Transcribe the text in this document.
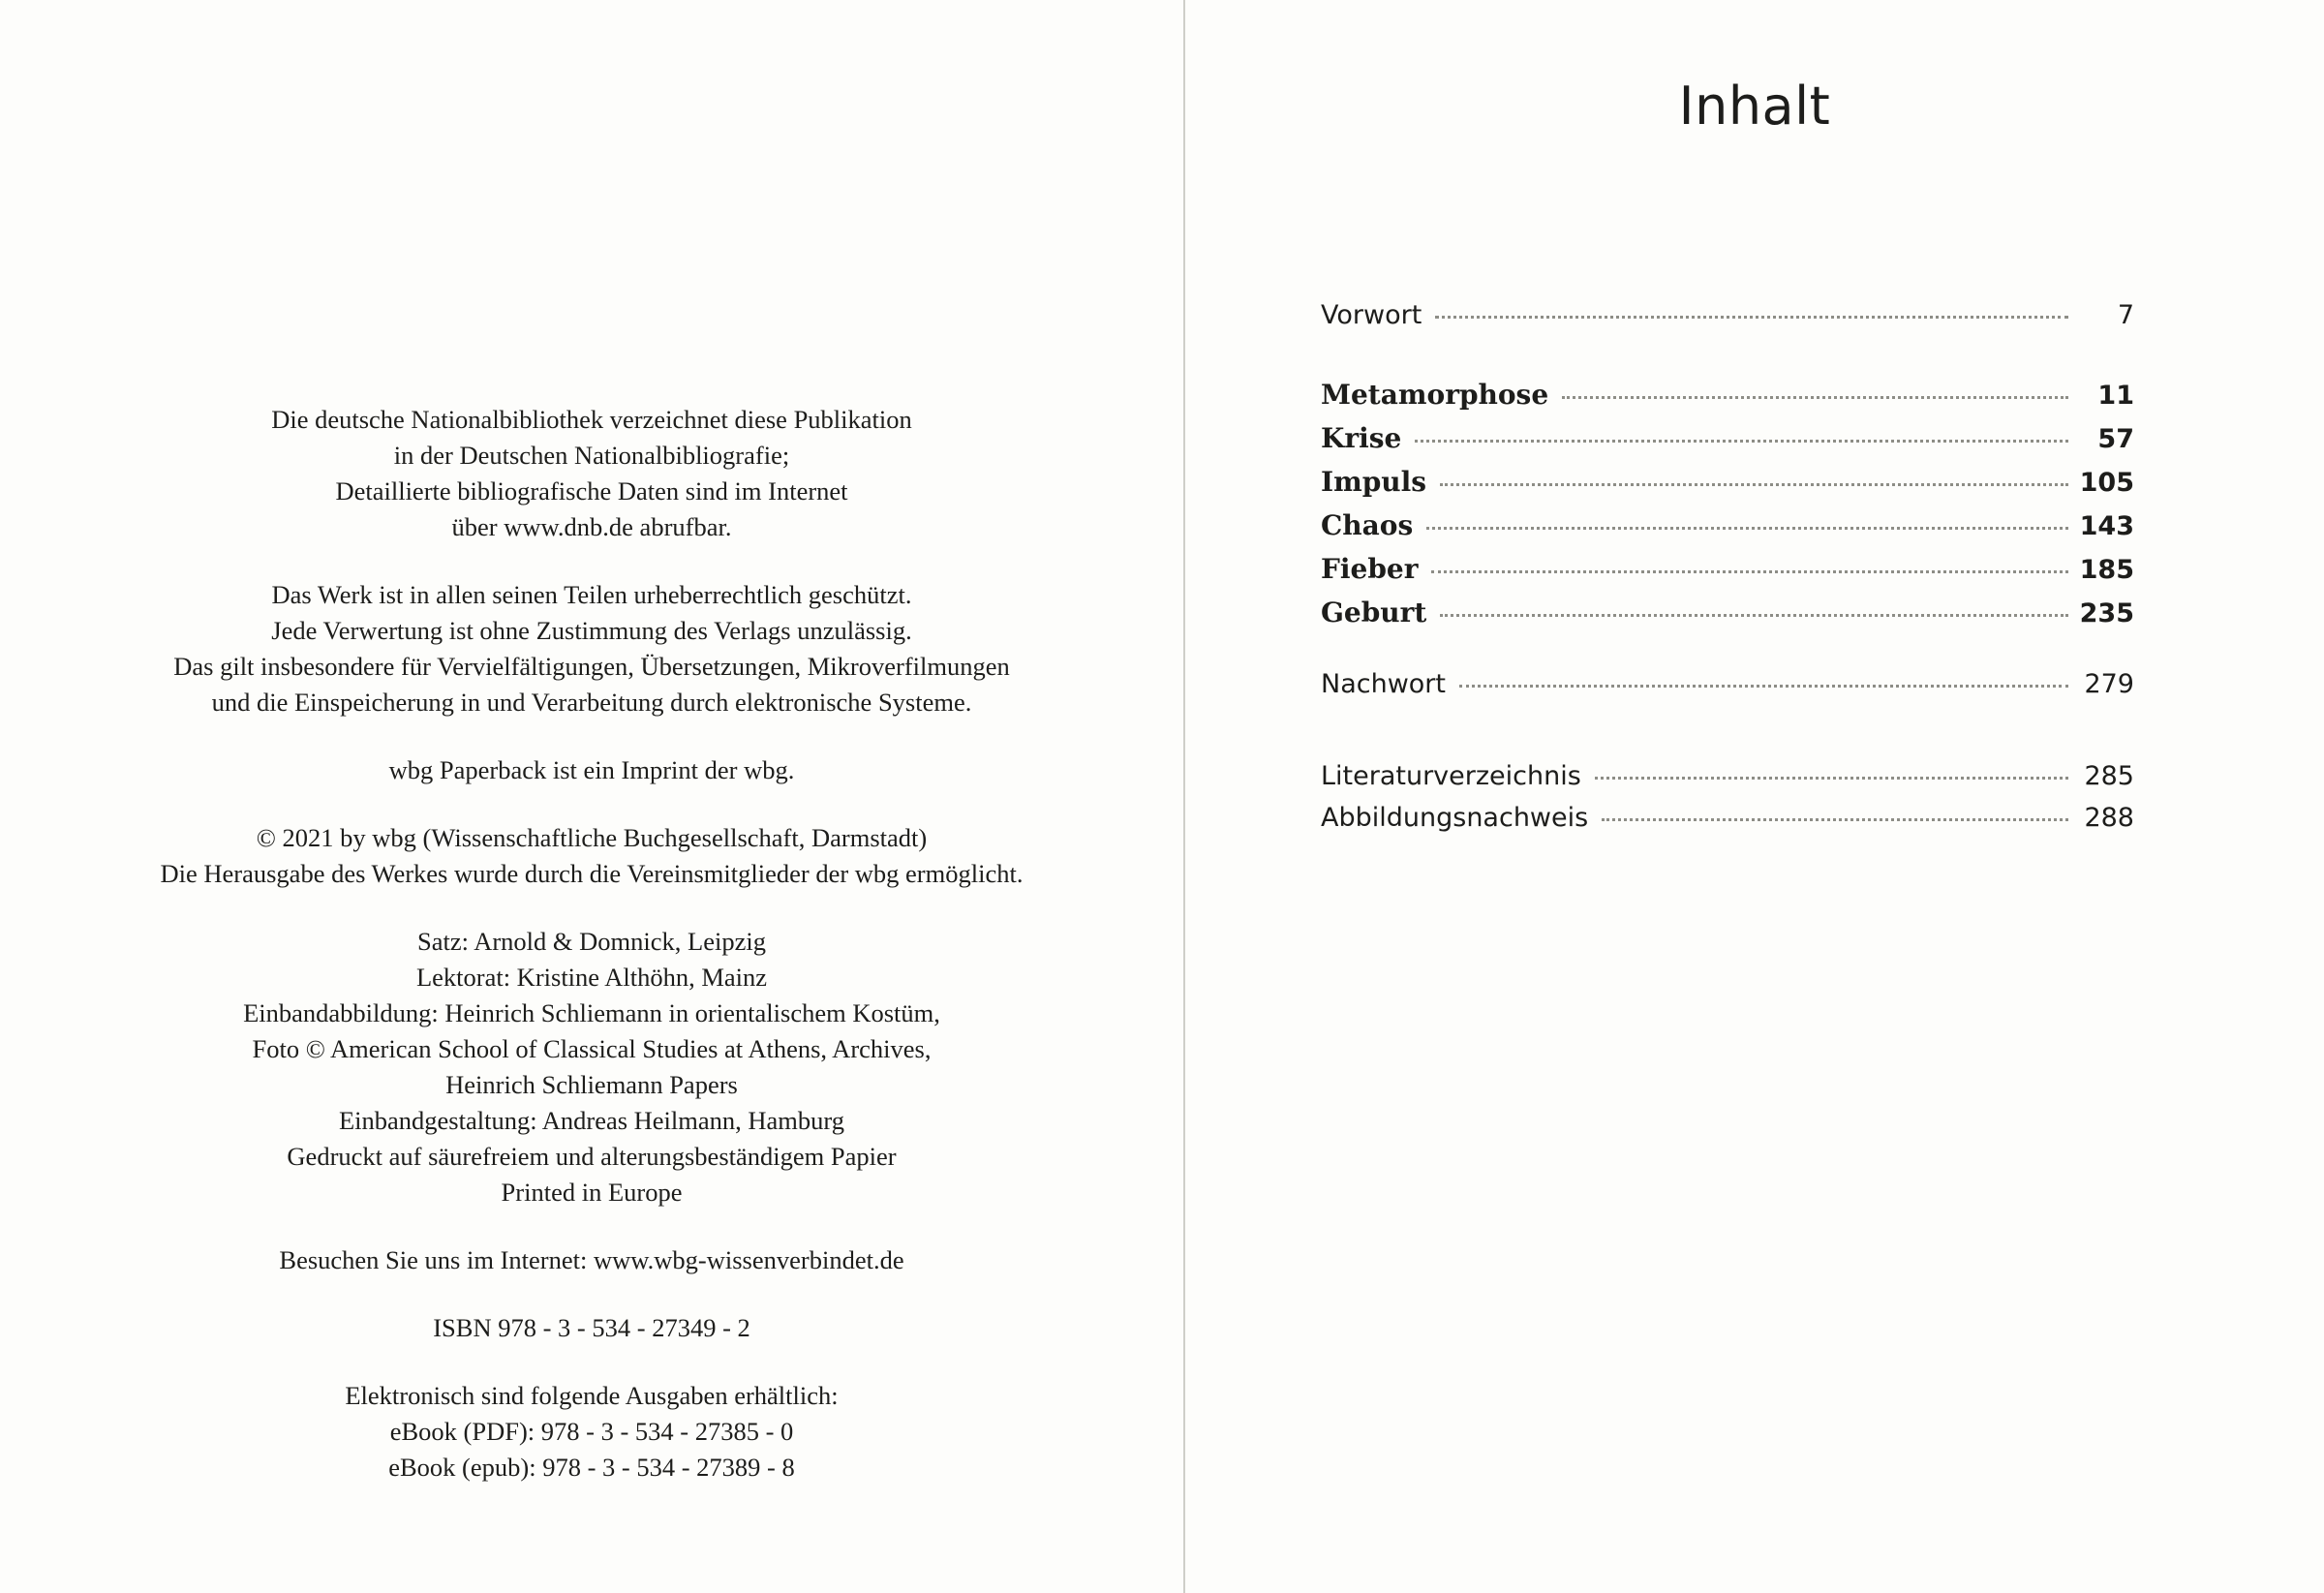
Die deutsche Nationalbibliothek verzeichnet diese Publikation
in der Deutschen Nationalbibliografie;
Detaillierte bibliografische Daten sind im Internet
über www.dnb.de abrufbar.
Das Werk ist in allen seinen Teilen urheberrechtlich geschützt.
Jede Verwertung ist ohne Zustimmung des Verlags unzulässig.
Das gilt insbesondere für Vervielfältigungen, Übersetzungen, Mikroverfilmungen
und die Einspeicherung in und Verarbeitung durch elektronische Systeme.
wbg Paperback ist ein Imprint der wbg.
© 2021 by wbg (Wissenschaftliche Buchgesellschaft, Darmstadt)
Die Herausgabe des Werkes wurde durch die Vereinsmitglieder der wbg ermöglicht.
Satz: Arnold & Domnick, Leipzig
Lektorat: Kristine Althöhn, Mainz
Einbandabbildung: Heinrich Schliemann in orientalischem Kostüm,
Foto © American School of Classical Studies at Athens, Archives,
Heinrich Schliemann Papers
Einbandgestaltung: Andreas Heilmann, Hamburg
Gedruckt auf säurefreiem und alterungsbeständigem Papier
Printed in Europe
Besuchen Sie uns im Internet: www.wbg-wissenverbindet.de
ISBN 978 - 3 - 534 - 27349 - 2
Elektronisch sind folgende Ausgaben erhältlich:
eBook (PDF): 978 - 3 - 534 - 27385 - 0
eBook (epub): 978 - 3 - 534 - 27389 - 8
Inhalt
Vorwort	7
Metamorphose	11
Krise	57
Impuls	105
Chaos	143
Fieber	185
Geburt	235
Nachwort	279
Literaturverzeichnis	285
Abbildungsnachweis	288
